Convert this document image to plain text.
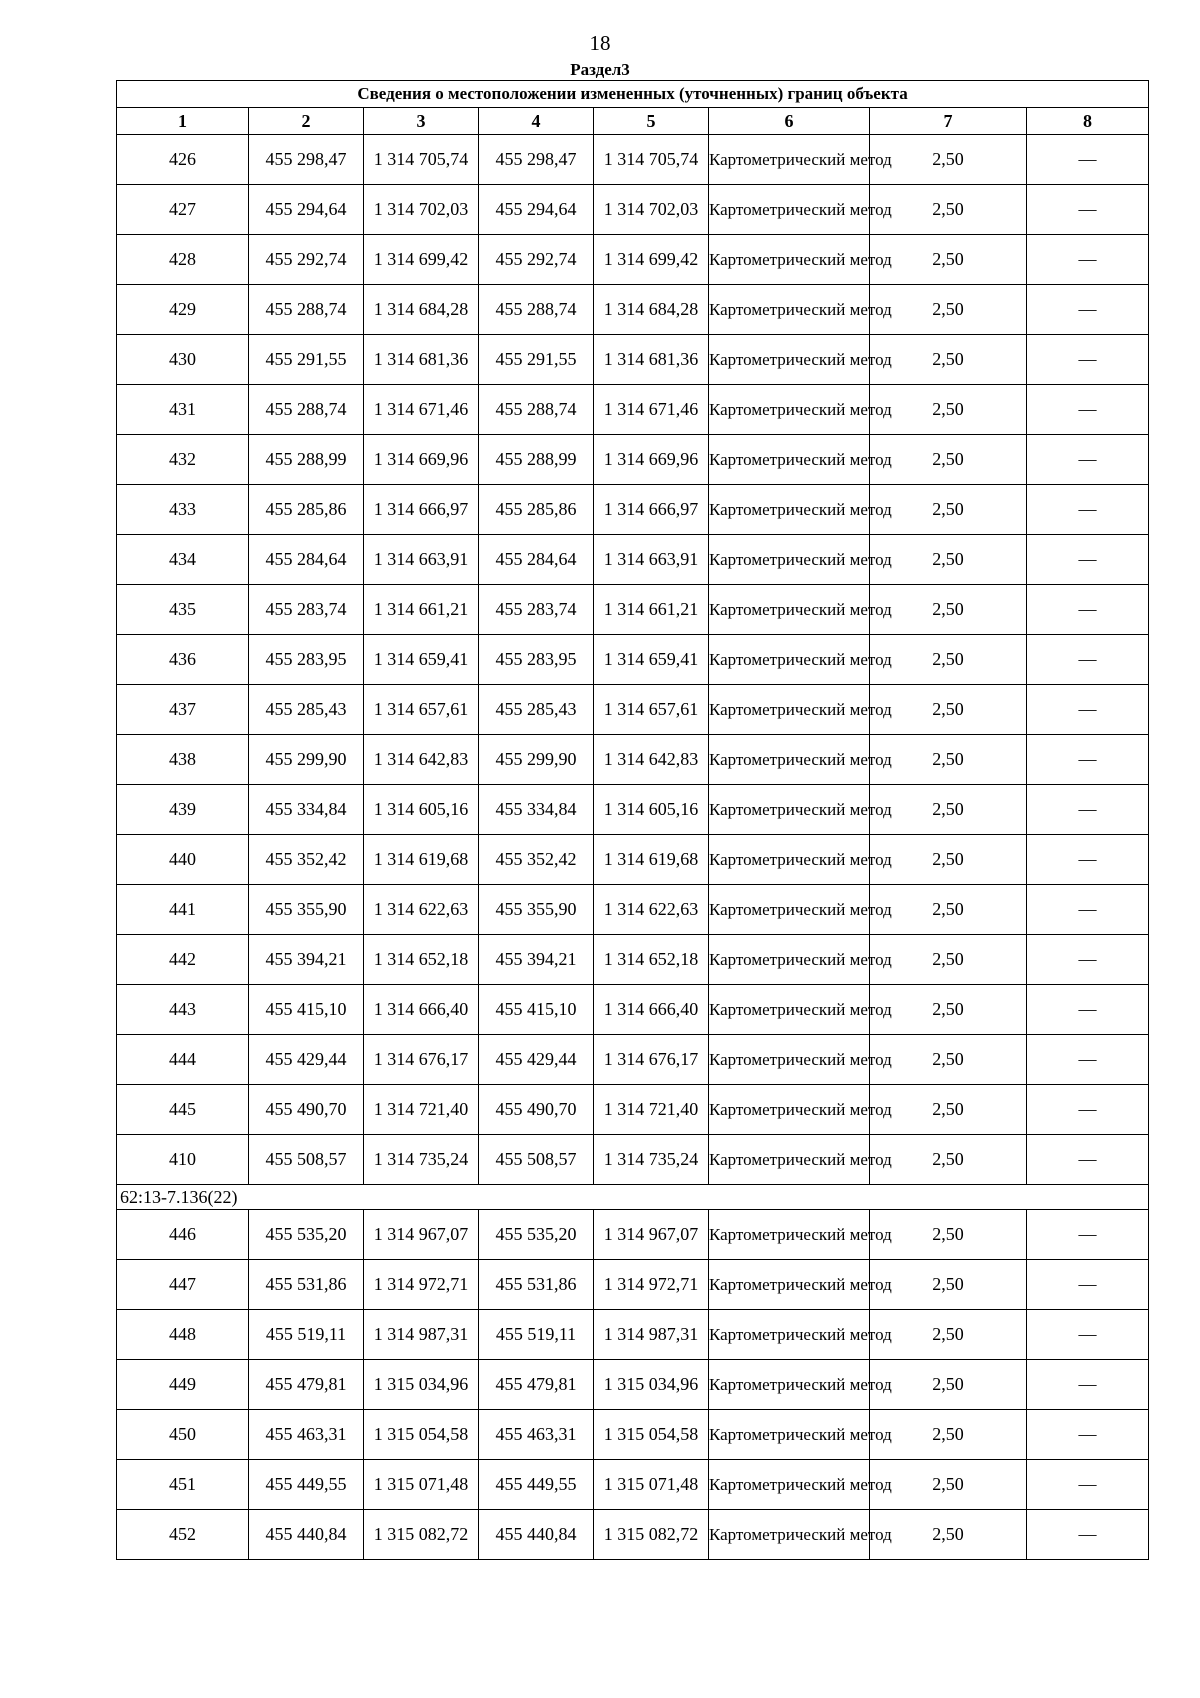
18
Раздел3
Сведения о местоположении измененных (уточненных) границ объекта							
1	2	3	4	5	6	7	8
426	455 298,47	1 314 705,74	455 298,47	1 314 705,74	Картометрический метод	2,50	—
427	455 294,64	1 314 702,03	455 294,64	1 314 702,03	Картометрический метод	2,50	—
428	455 292,74	1 314 699,42	455 292,74	1 314 699,42	Картометрический метод	2,50	—
429	455 288,74	1 314 684,28	455 288,74	1 314 684,28	Картометрический метод	2,50	—
430	455 291,55	1 314 681,36	455 291,55	1 314 681,36	Картометрический метод	2,50	—
431	455 288,74	1 314 671,46	455 288,74	1 314 671,46	Картометрический метод	2,50	—
432	455 288,99	1 314 669,96	455 288,99	1 314 669,96	Картометрический метод	2,50	—
433	455 285,86	1 314 666,97	455 285,86	1 314 666,97	Картометрический метод	2,50	—
434	455 284,64	1 314 663,91	455 284,64	1 314 663,91	Картометрический метод	2,50	—
435	455 283,74	1 314 661,21	455 283,74	1 314 661,21	Картометрический метод	2,50	—
436	455 283,95	1 314 659,41	455 283,95	1 314 659,41	Картометрический метод	2,50	—
437	455 285,43	1 314 657,61	455 285,43	1 314 657,61	Картометрический метод	2,50	—
438	455 299,90	1 314 642,83	455 299,90	1 314 642,83	Картометрический метод	2,50	—
439	455 334,84	1 314 605,16	455 334,84	1 314 605,16	Картометрический метод	2,50	—
440	455 352,42	1 314 619,68	455 352,42	1 314 619,68	Картометрический метод	2,50	—
441	455 355,90	1 314 622,63	455 355,90	1 314 622,63	Картометрический метод	2,50	—
442	455 394,21	1 314 652,18	455 394,21	1 314 652,18	Картометрический метод	2,50	—
443	455 415,10	1 314 666,40	455 415,10	1 314 666,40	Картометрический метод	2,50	—
444	455 429,44	1 314 676,17	455 429,44	1 314 676,17	Картометрический метод	2,50	—
445	455 490,70	1 314 721,40	455 490,70	1 314 721,40	Картометрический метод	2,50	—
410	455 508,57	1 314 735,24	455 508,57	1 314 735,24	Картометрический метод	2,50	—
62:13-7.136(22)							
446	455 535,20	1 314 967,07	455 535,20	1 314 967,07	Картометрический метод	2,50	—
447	455 531,86	1 314 972,71	455 531,86	1 314 972,71	Картометрический метод	2,50	—
448	455 519,11	1 314 987,31	455 519,11	1 314 987,31	Картометрический метод	2,50	—
449	455 479,81	1 315 034,96	455 479,81	1 315 034,96	Картометрический метод	2,50	—
450	455 463,31	1 315 054,58	455 463,31	1 315 054,58	Картометрический метод	2,50	—
451	455 449,55	1 315 071,48	455 449,55	1 315 071,48	Картометрический метод	2,50	—
452	455 440,84	1 315 082,72	455 440,84	1 315 082,72	Картометрический метод	2,50	—
